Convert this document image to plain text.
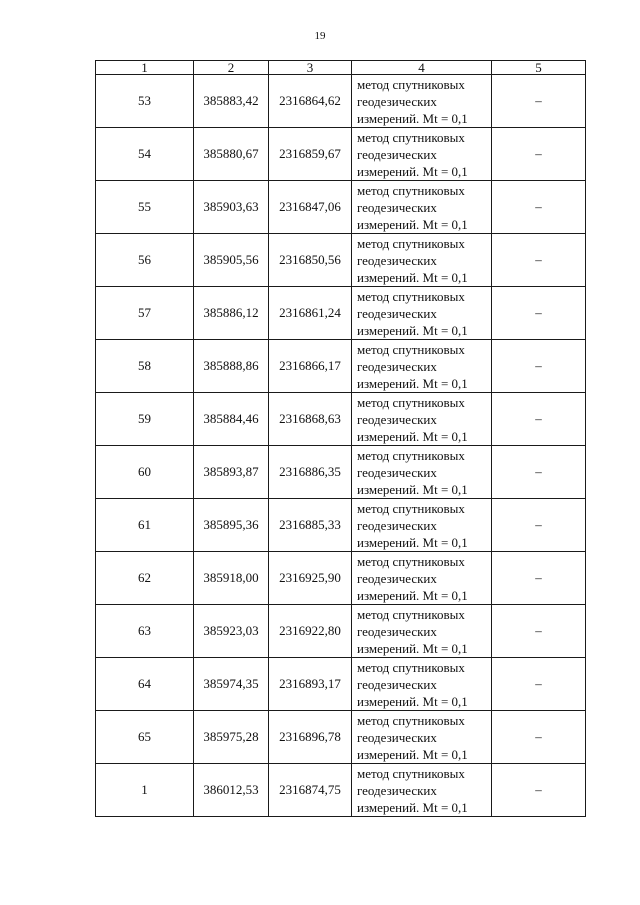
19
1	2	3	4	5
53	385883,42	2316864,62	метод спутниковых
геодезических
измерений. Mt = 0,1	–
54	385880,67	2316859,67	метод спутниковых
геодезических
измерений. Mt = 0,1	–
55	385903,63	2316847,06	метод спутниковых
геодезических
измерений. Mt = 0,1	–
56	385905,56	2316850,56	метод спутниковых
геодезических
измерений. Mt = 0,1	–
57	385886,12	2316861,24	метод спутниковых
геодезических
измерений. Mt = 0,1	–
58	385888,86	2316866,17	метод спутниковых
геодезических
измерений. Mt = 0,1	–
59	385884,46	2316868,63	метод спутниковых
геодезических
измерений. Mt = 0,1	–
60	385893,87	2316886,35	метод спутниковых
геодезических
измерений. Mt = 0,1	–
61	385895,36	2316885,33	метод спутниковых
геодезических
измерений. Mt = 0,1	–
62	385918,00	2316925,90	метод спутниковых
геодезических
измерений. Mt = 0,1	–
63	385923,03	2316922,80	метод спутниковых
геодезических
измерений. Mt = 0,1	–
64	385974,35	2316893,17	метод спутниковых
геодезических
измерений. Mt = 0,1	–
65	385975,28	2316896,78	метод спутниковых
геодезических
измерений. Mt = 0,1	–
1	386012,53	2316874,75	метод спутниковых
геодезических
измерений. Mt = 0,1	–
